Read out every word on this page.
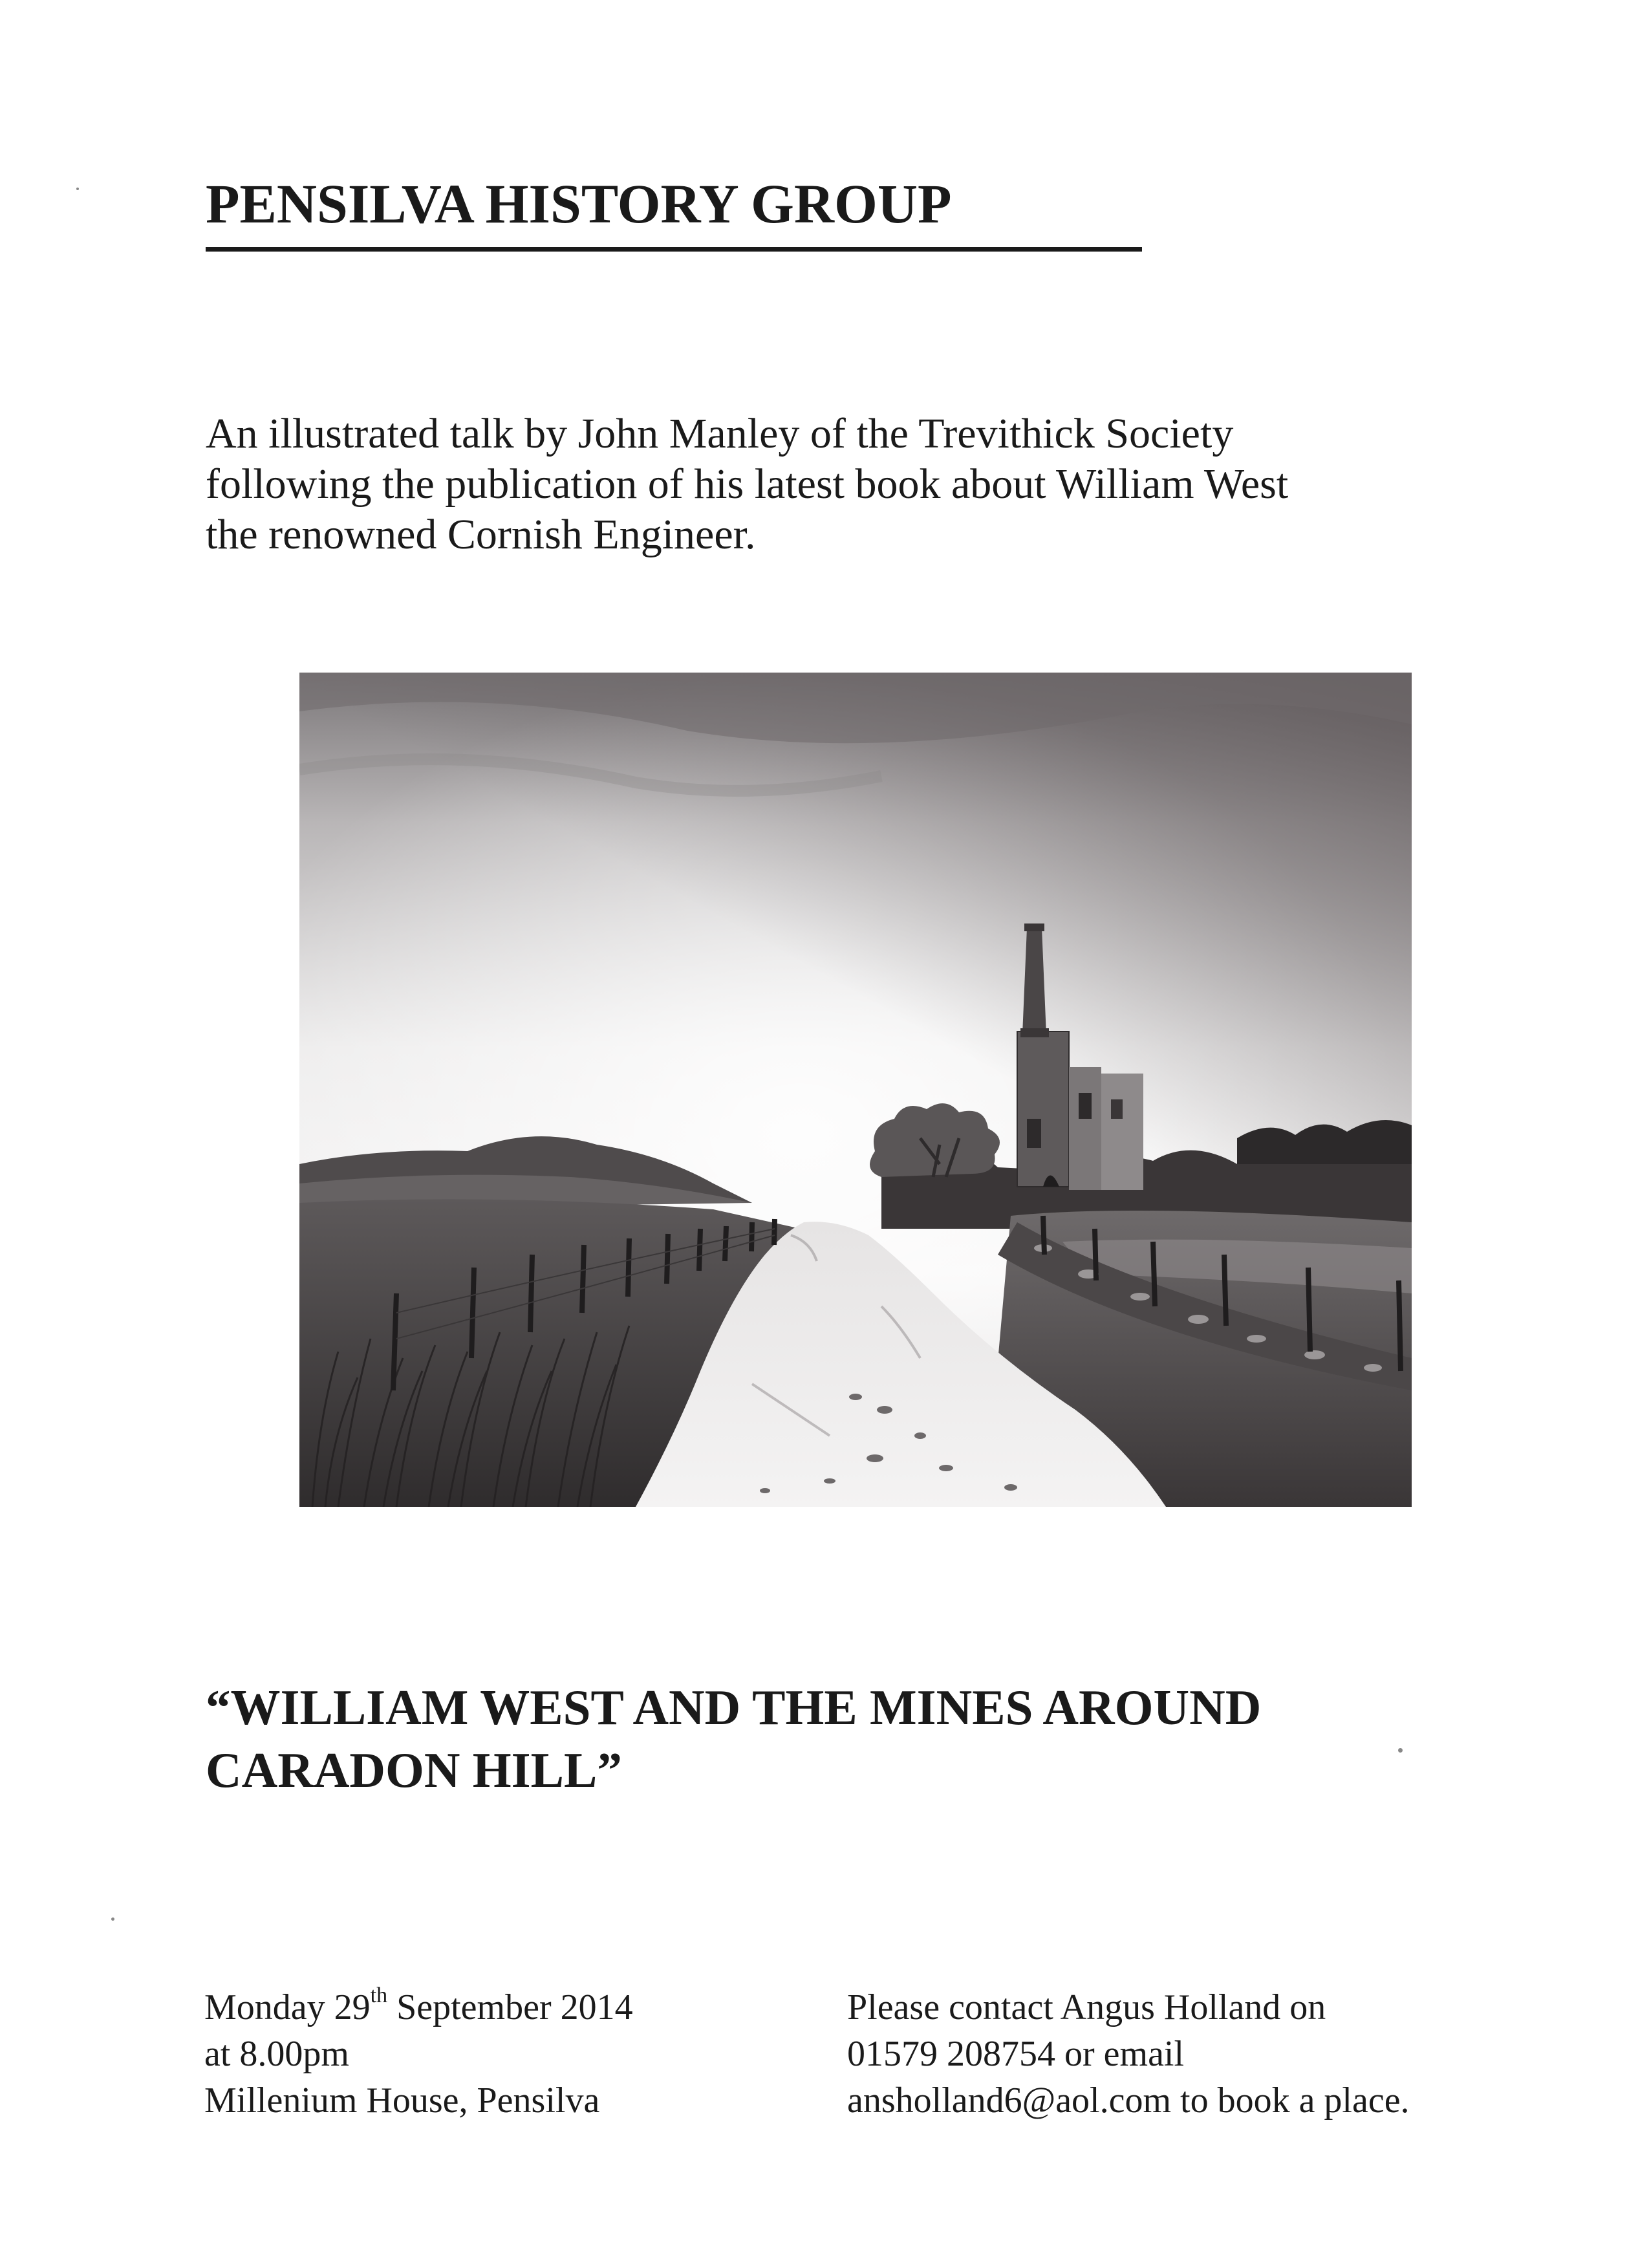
PENSILVA HISTORY GROUP

An illustrated talk by John Manley of the Trevithick Society
following the publication of his latest book about William West
the renowned Cornish Engineer.

“WILLIAM WEST AND THE MINES AROUND
CARADON HILL”
Monday 29th September 2014
at 8.00pm
Millenium House, Pensilva
Please contact Angus Holland on
01579 208754 or email
ansholland6@aol.com to book a place.
